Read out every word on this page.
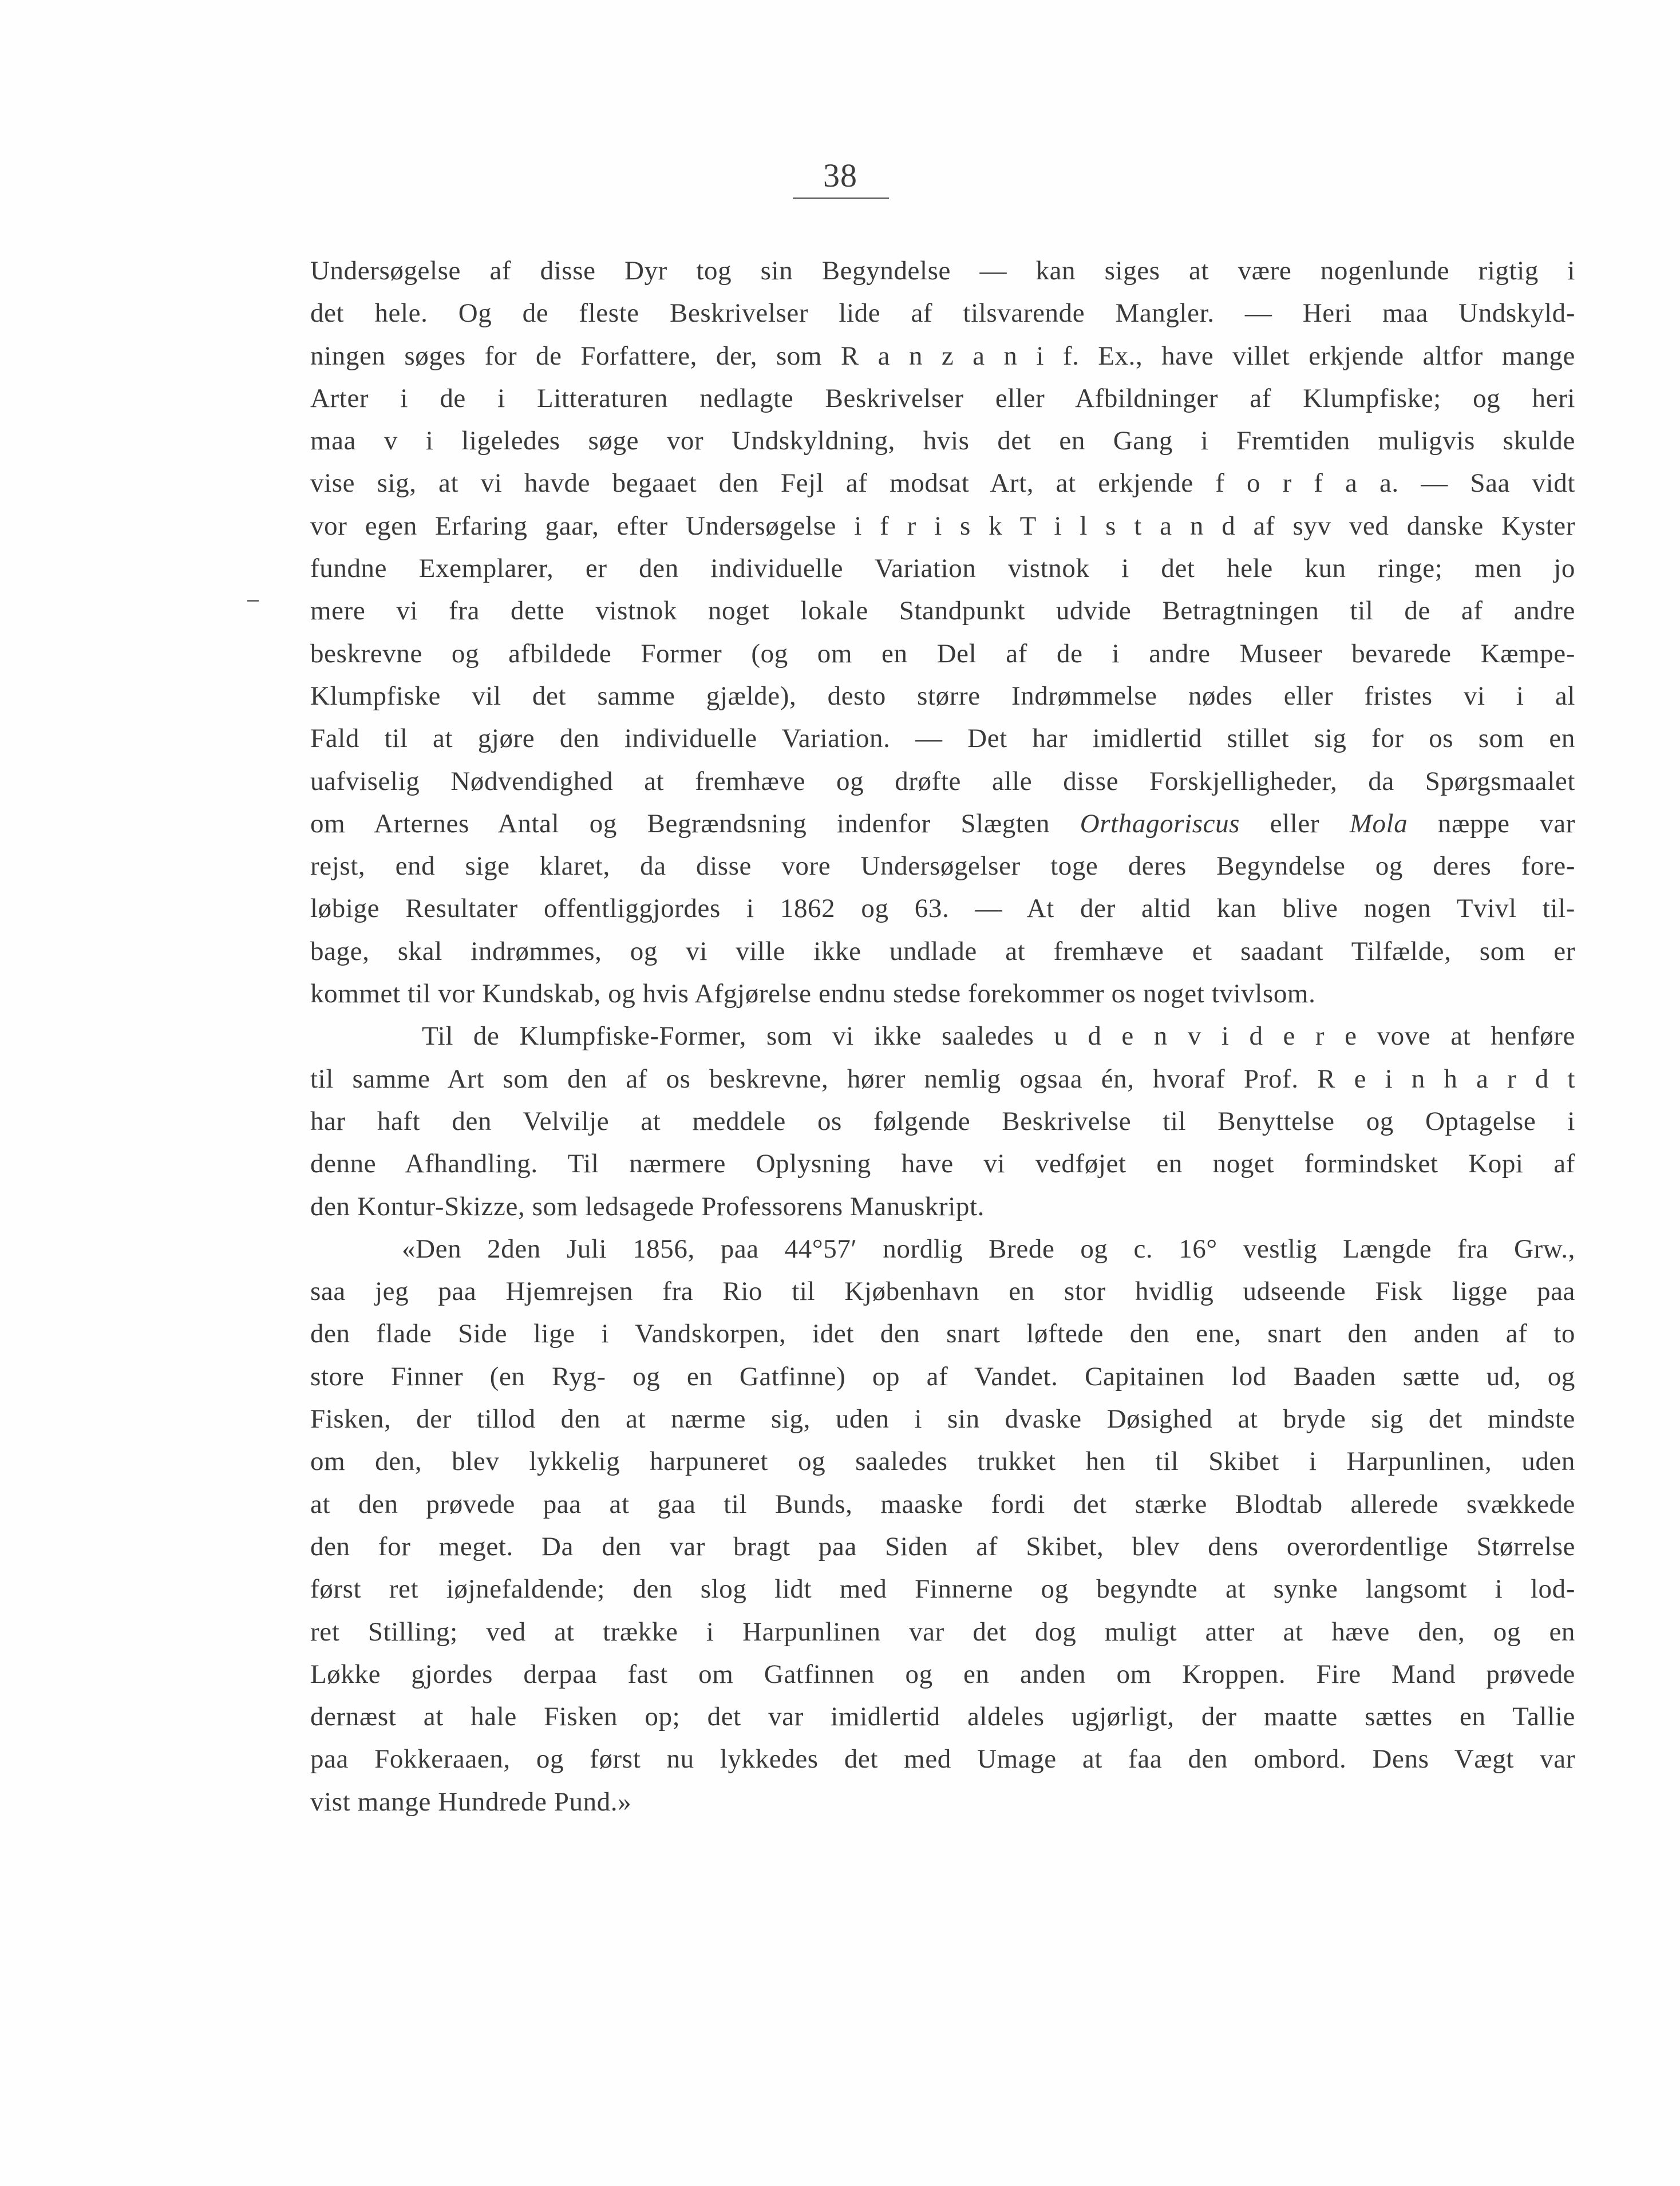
38
Undersøgelse af disse Dyr tog sin Begyndelse — kan siges at være nogenlunde rigtig i
det hele. Og de fleste Beskrivelser lide af tilsvarende Mangler. — Heri maa Undskyld-
ningen søges for de Forfattere, der, som R a n z a n i f. Ex., have villet erkjende altfor mange
Arter i de i Litteraturen nedlagte Beskrivelser eller Afbildninger af Klumpfiske; og heri
maa v i ligeledes søge vor Undskyldning, hvis det en Gang i Fremtiden muligvis skulde
vise sig, at vi havde begaaet den Fejl af modsat Art, at erkjende f o r f a a. — Saa vidt
vor egen Erfaring gaar, efter Undersøgelse i f r i s k T i l s t a n d af syv ved danske Kyster
fundne Exemplarer, er den individuelle Variation vistnok i det hele kun ringe; men jo
mere vi fra dette vistnok noget lokale Standpunkt udvide Betragtningen til de af andre
beskrevne og afbildede Former (og om en Del af de i andre Museer bevarede Kæmpe-
Klumpfiske vil det samme gjælde), desto større Indrømmelse nødes eller fristes vi i al
Fald til at gjøre den individuelle Variation. — Det har imidlertid stillet sig for os som en
uafviselig Nødvendighed at fremhæve og drøfte alle disse Forskjelligheder, da Spørgsmaalet
om Arternes Antal og Begrændsning indenfor Slægten Orthagoriscus eller Mola næppe var
rejst, end sige klaret, da disse vore Undersøgelser toge deres Begyndelse og deres fore-
løbige Resultater offentliggjordes i 1862 og 63. — At der altid kan blive nogen Tvivl til-
bage, skal indrømmes, og vi ville ikke undlade at fremhæve et saadant Tilfælde, som er
kommet til vor Kundskab, og hvis Afgjørelse endnu stedse forekommer os noget tvivlsom.
Til de Klumpfiske-Former, som vi ikke saaledes u d e n v i d e r e vove at henføre
til samme Art som den af os beskrevne, hører nemlig ogsaa én, hvoraf Prof. R e i n h a r d t
har haft den Velvilje at meddele os følgende Beskrivelse til Benyttelse og Optagelse i
denne Afhandling. Til nærmere Oplysning have vi vedføjet en noget formindsket Kopi af
den Kontur-Skizze, som ledsagede Professorens Manuskript.
«Den 2den Juli 1856, paa 44°57′ nordlig Brede og c. 16° vestlig Længde fra Grw.,
saa jeg paa Hjemrejsen fra Rio til Kjøbenhavn en stor hvidlig udseende Fisk ligge paa
den flade Side lige i Vandskorpen, idet den snart løftede den ene, snart den anden af to
store Finner (en Ryg- og en Gatfinne) op af Vandet. Capitainen lod Baaden sætte ud, og
Fisken, der tillod den at nærme sig, uden i sin dvaske Døsighed at bryde sig det mindste
om den, blev lykkelig harpuneret og saaledes trukket hen til Skibet i Harpunlinen, uden
at den prøvede paa at gaa til Bunds, maaske fordi det stærke Blodtab allerede svækkede
den for meget. Da den var bragt paa Siden af Skibet, blev dens overordentlige Størrelse
først ret iøjnefaldende; den slog lidt med Finnerne og begyndte at synke langsomt i lod-
ret Stilling; ved at trække i Harpunlinen var det dog muligt atter at hæve den, og en
Løkke gjordes derpaa fast om Gatfinnen og en anden om Kroppen. Fire Mand prøvede
dernæst at hale Fisken op; det var imidlertid aldeles ugjørligt, der maatte sættes en Tallie
paa Fokkeraaen, og først nu lykkedes det med Umage at faa den ombord. Dens Vægt var
vist mange Hundrede Pund.»
